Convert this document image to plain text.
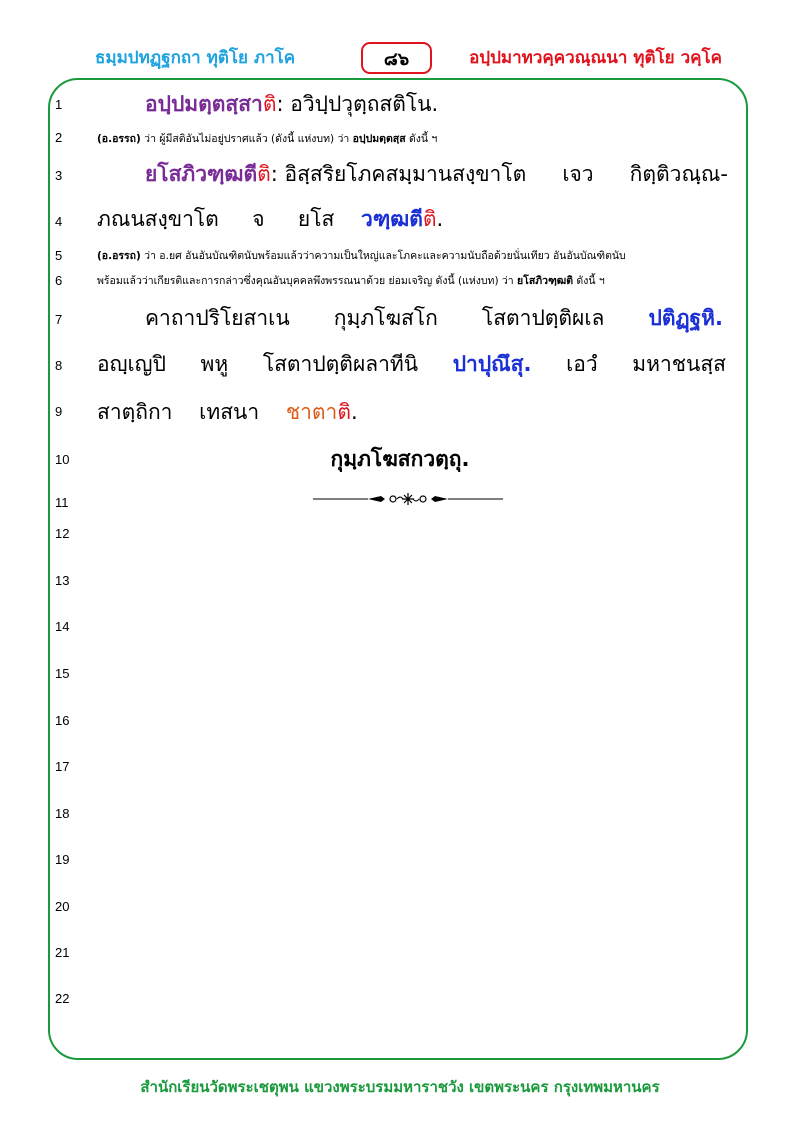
ธมฺมปทฏฺฐกถา ทุติโย ภาโค	๘๖	อปฺปมาทวคฺควณฺณนา ทุติโย วคฺโค
1
2
3
4
5
6
7
8
9
10
11
12
13
14
15
16
17
18
19
20
21
22
อปฺปมตฺตสฺสาติ: อวิปฺปวุตฺถสติโน.
(อ.อรรถ) ว่า ผู้มีสติอันไม่อยู่ปราศแล้ว (ดังนี้ แห่งบท) ว่า อปฺปมตฺตสฺส ดังนี้ ฯ
ยโสภิวฑฺฒตีติ: อิสฺสริยโภคสมฺมานสงฺขาโต เจว กิตฺติวณฺณ-
ภณนสงฺขาโต จ ยโส วฑฺฒตีติ.
(อ.อรรถ) ว่า อ.ยศ อันอันบัณฑิตนับพร้อมแล้วว่าความเป็นใหญ่และโภคะและความนับถือด้วยนั่นเทียว อันอันบัณฑิตนับ
พร้อมแล้วว่าเกียรติและการกล่าวซึ่งคุณอันบุคคลพึงพรรณนาด้วย ย่อมเจริญ ดังนี้ (แห่งบท) ว่า ยโสภิวฑฺฒติ ดังนี้ ฯ
คาถาปริโยสาเน กุมฺภโฆสโก โสตาปตฺติผเล ปติฏฺฐหิ.
อญฺเญปิ พหู โสตาปตฺติผลาทีนิ ปาปุณึสุ. เอวํ มหาชนสฺส
สาตฺถิกา เทสนา ชาตาติ.
กุมฺภโฆสกวตฺถุ.
สำนักเรียนวัดพระเชตุพน แขวงพระบรมมหาราชวัง เขตพระนคร กรุงเทพมหานคร
